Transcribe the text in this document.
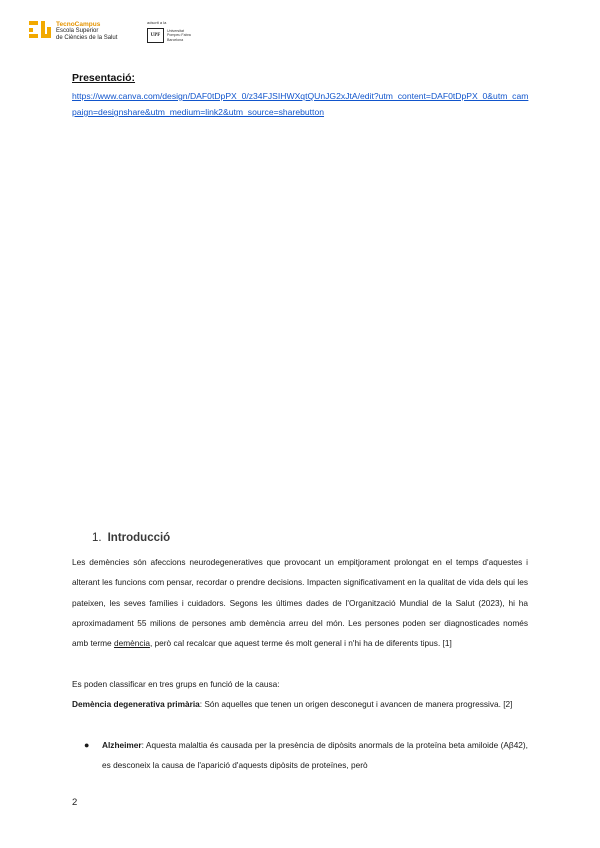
TecnoCampus
Escola Superior
de Ciències de la Salut
adscrit a la
UPF
Universitat
Pompeu Fabra
Barcelona
Presentació:
https://www.canva.com/design/DAF0tDpPX_0/z34FJSIHWXqtQUnJG2xJtA/edit?utm_content=DAF0tDpPX_0&utm_campaign=designshare&utm_medium=link2&utm_source=sharebutton
1. Introducció
Les demències són afeccions neurodegeneratives que provocant un empitjorament prolongat en el temps d'aquestes i alterant les funcions com pensar, recordar o prendre decisions. Impacten significativament en la qualitat de vida dels qui les pateixen, les seves famílies i cuidadors. Segons les últimes dades de l'Organització Mundial de la Salut (2023), hi ha aproximadament 55 milions de persones amb demència arreu del món. Les persones poden ser diagnosticades només amb terme demència, però cal recalcar que aquest terme és molt general i n'hi ha de diferents tipus. [1]
Es poden classificar en tres grups en funció de la causa:
Demència degenerativa primària: Són aquelles que tenen un origen desconegut i avancen de manera progressiva. [2]
●	Alzheimer: Aquesta malaltia és causada per la presència de dipòsits anormals de la proteïna beta amiloide (Aβ42), es desconeix la causa de l'aparició d'aquests dipòsits de proteïnes, però
2
